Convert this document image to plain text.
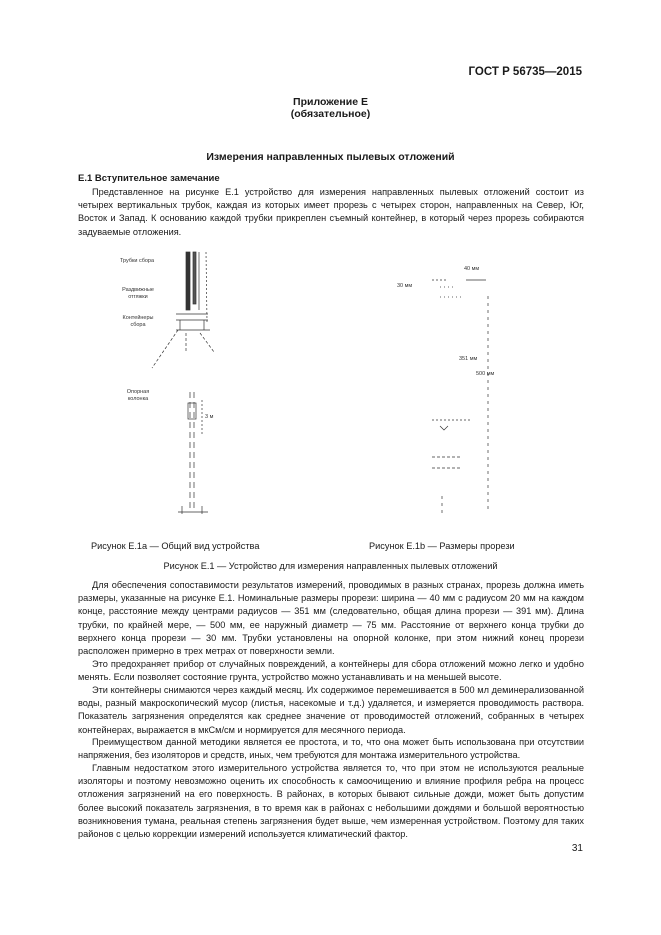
ГОСТ Р 56735—2015
Приложение Е
(обязательное)
Измерения направленных пылевых отложений
Е.1 Вступительное замечание

Представленное на рисунке Е.1 устройство для измерения направленных пылевых отложений состоит из четырех вертикальных трубок, каждая из которых имеет прорезь с четырех сторон, направленных на Север, Юг, Восток и Запад. К основанию каждой трубки прикреплен съемный контейнер, в который через прорезь собираются задуваемые отложения.

Трубки сбора
Раздвижные отгяжки
Контейнеры сбора
Опорная колонка
3 м
40 мм
30 мм
351 мм
500 мм
Рисунок Е.1а — Общий вид устройства	Рисунок Е.1b — Размеры прорези
Рисунок Е.1 — Устройство для измерения направленных пылевых отложений

Для обеспечения сопоставимости результатов измерений, проводимых в разных странах, прорезь должна иметь размеры, указанные на рисунке Е.1. Номинальные размеры прорези: ширина — 40 мм с радиусом 20 мм на каждом конце, расстояние между центрами радиусов — 351 мм (следовательно, общая длина прорези — 391 мм). Длина трубки, по крайней мере, — 500 мм, ее наружный диаметр — 75 мм. Расстояние от верхнего конца трубки до верхнего конца прорези — 30 мм. Трубки установлены на опорной колонке, при этом нижний конец прорези расположен примерно в трех метрах от поверхности земли.

Это предохраняет прибор от случайных повреждений, а контейнеры для сбора отложений можно легко и удобно менять. Если позволяет состояние грунта, устройство можно устанавливать и на меньшей высоте.

Эти контейнеры снимаются через каждый месяц. Их содержимое перемешивается в 500 мл деминерализованной воды, разный макроскопический мусор (листья, насекомые и т.д.) удаляется, и измеряется проводимость раствора. Показатель загрязнения определятся как среднее значение от проводимостей отложений, собранных в четырех контейнерах, выражается в мкСм/см и нормируется для месячного периода.

Преимуществом данной методики является ее простота, и то, что она может быть использована при отсутствии напряжения, без изоляторов и средств, иных, чем требуются для монтажа измерительного устройства.

Главным недостатком этого измерительного устройства является то, что при этом не используются реальные изоляторы и поэтому невозможно оценить их способность к самоочищению и влияние профиля ребра на процесс отложения загрязнений на его поверхность. В районах, в которых бывают сильные дожди, может быть допустим более высокий показатель загрязнения, в то время как в районах с небольшими дождями и большой вероятностью возникновения тумана, реальная степень загрязнения будет выше, чем измеренная устройством. Поэтому для таких районов с целью коррекции измерений используется климатический фактор.

31
